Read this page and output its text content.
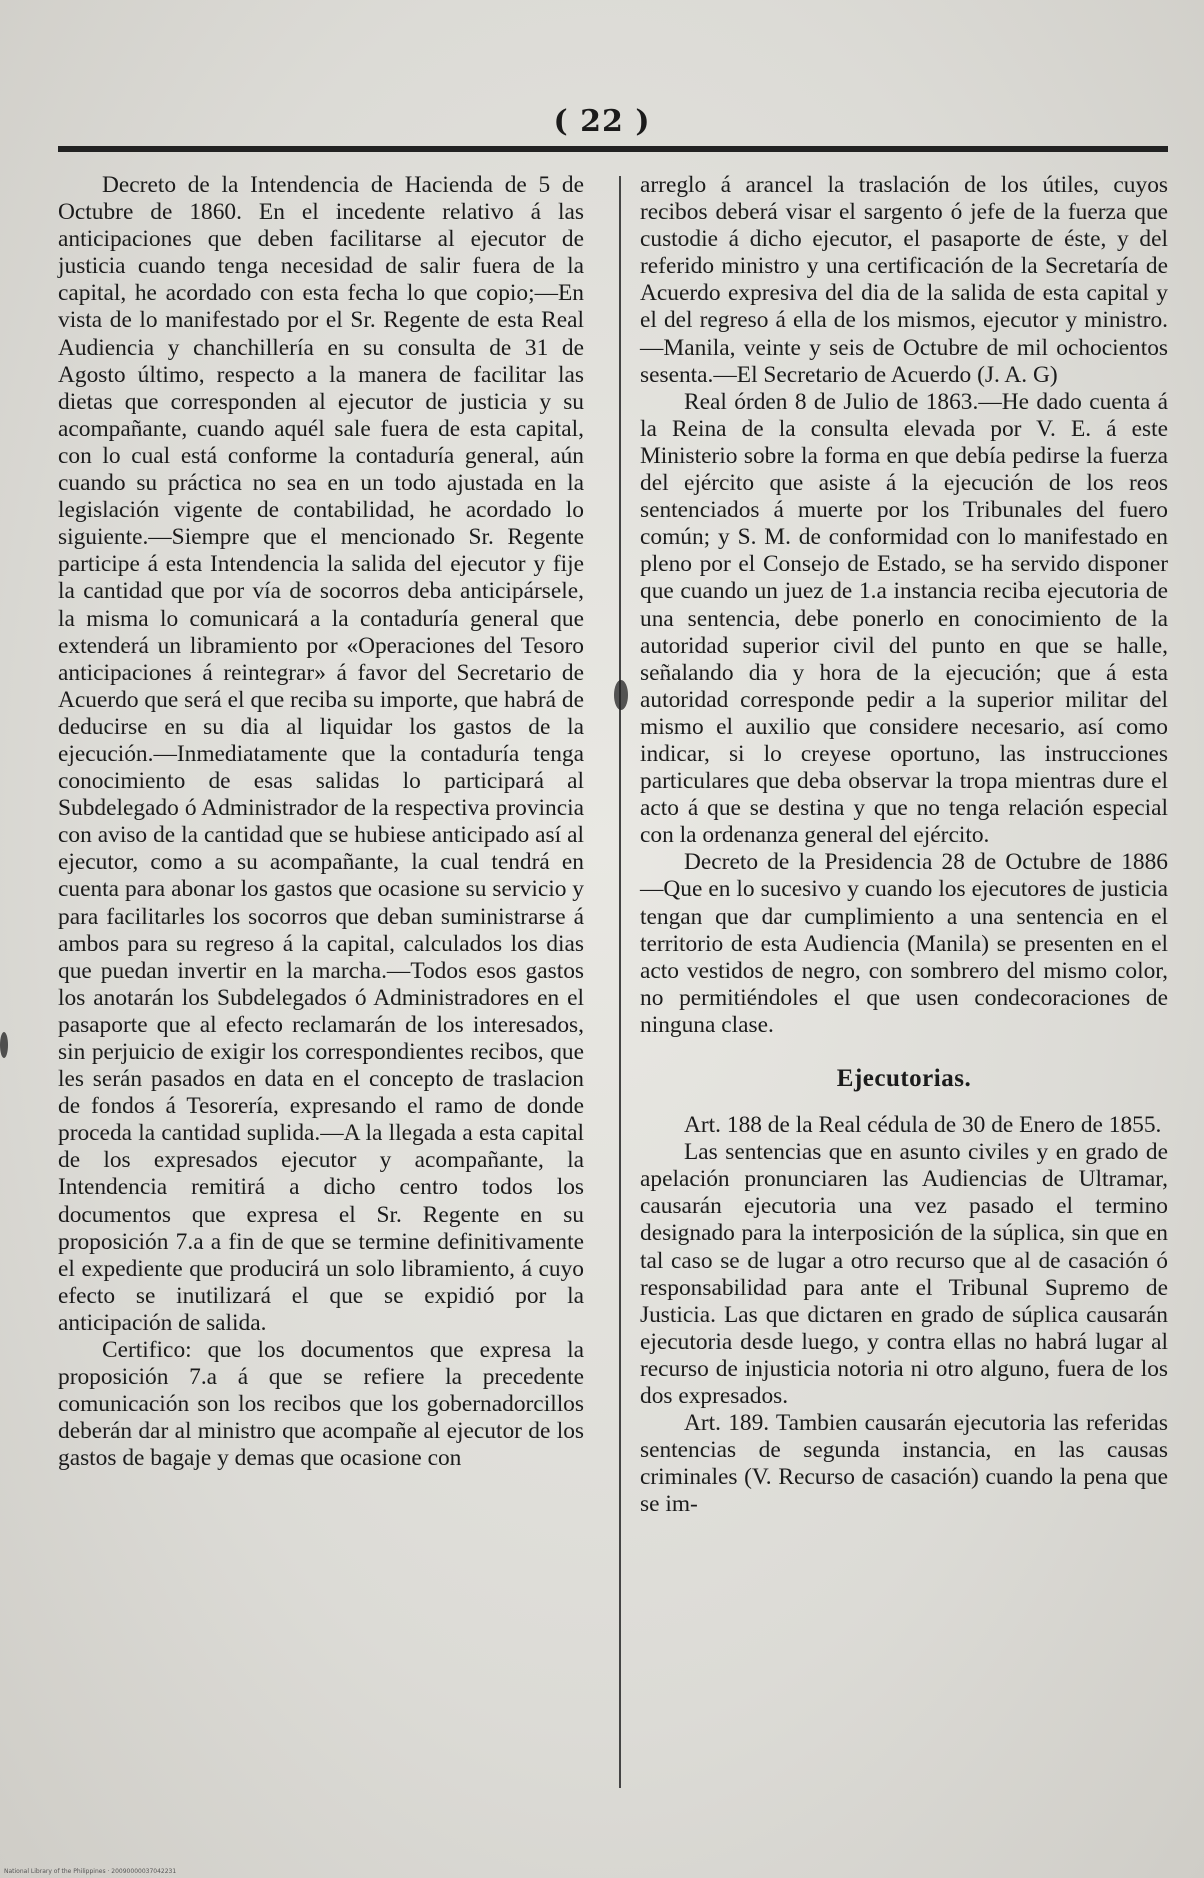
( 22 )

Decreto de la Intendencia de Hacienda de 5 de Octubre de 1860. En el incedente relativo á las anticipaciones que deben facilitarse al ejecutor de justicia cuando tenga necesidad de salir fuera de la capital, he acordado con esta fecha lo que copio;—En vista de lo manifestado por el Sr. Regente de esta Real Audiencia y chanchillería en su consulta de 31 de Agosto último, respecto a la manera de facilitar las dietas que corresponden al ejecutor de justicia y su acompañante, cuando aquél sale fuera de esta capital, con lo cual está conforme la contaduría general, aún cuando su práctica no sea en un todo ajustada en la legislación vigente de contabilidad, he acordado lo siguiente.—Siempre que el mencionado Sr. Regente participe á esta Intendencia la salida del ejecutor y fije la cantidad que por vía de socorros deba anticipársele, la misma lo comunicará a la contaduría general que extenderá un libramiento por «Operaciones del Tesoro anticipaciones á reintegrar» á favor del Secretario de Acuerdo que será el que reciba su importe, que habrá de deducirse en su dia al liquidar los gastos de la ejecución.—Inmediatamente que la contaduría tenga conocimiento de esas salidas lo participará al Subdelegado ó Administrador de la respectiva provincia con aviso de la cantidad que se hubiese anticipado así al ejecutor, como a su acompañante, la cual tendrá en cuenta para abonar los gastos que ocasione su servicio y para facilitarles los socorros que deban suministrarse á ambos para su regreso á la capital, calculados los dias que puedan invertir en la marcha.—Todos esos gastos los anotarán los Subdelegados ó Administradores en el pasaporte que al efecto reclamarán de los interesados, sin perjuicio de exigir los correspondientes recibos, que les serán pasados en data en el concepto de traslacion de fondos á Tesorería, expresando el ramo de donde proceda la cantidad suplida.—A la llegada a esta capital de los expresados ejecutor y acompañante, la Intendencia remitirá a dicho centro todos los documentos que expresa el Sr. Regente en su proposición 7.a a fin de que se termine definitivamente el expediente que producirá un solo libramiento, á cuyo efecto se inutilizará el que se expidió por la anticipación de salida.

Certifico: que los documentos que expresa la proposición 7.a á que se refiere la precedente comunicación son los recibos que los gobernadorcillos deberán dar al ministro que acompañe al ejecutor de los gastos de bagaje y demas que ocasione con

arreglo á arancel la traslación de los útiles, cuyos recibos deberá visar el sargento ó jefe de la fuerza que custodie á dicho ejecutor, el pasaporte de éste, y del referido ministro y una certificación de la Secretaría de Acuerdo expresiva del dia de la salida de esta capital y el del regreso á ella de los mismos, ejecutor y ministro.—Manila, veinte y seis de Octubre de mil ochocientos sesenta.—El Secretario de Acuerdo (J. A. G)

Real órden 8 de Julio de 1863.—He dado cuenta á la Reina de la consulta elevada por V. E. á este Ministerio sobre la forma en que debía pedirse la fuerza del ejército que asiste á la ejecución de los reos sentenciados á muerte por los Tribunales del fuero común; y S. M. de conformidad con lo manifestado en pleno por el Consejo de Estado, se ha servido disponer que cuando un juez de 1.a instancia reciba ejecutoria de una sentencia, debe ponerlo en conocimiento de la autoridad superior civil del punto en que se halle, señalando dia y hora de la ejecución; que á esta autoridad corresponde pedir a la superior militar del mismo el auxilio que considere necesario, así como indicar, si lo creyese oportuno, las instrucciones particulares que deba observar la tropa mientras dure el acto á que se destina y que no tenga relación especial con la ordenanza general del ejército.

Decreto de la Presidencia 28 de Octubre de 1886 —Que en lo sucesivo y cuando los ejecutores de justicia tengan que dar cumplimiento a una sentencia en el territorio de esta Audiencia (Manila) se presenten en el acto vestidos de negro, con sombrero del mismo color, no permitiéndoles el que usen condecoraciones de ninguna clase.

Ejecutorias.

Art. 188 de la Real cédula de 30 de Enero de 1855.

Las sentencias que en asunto civiles y en grado de apelación pronunciaren las Audiencias de Ultramar, causarán ejecutoria una vez pasado el termino designado para la interposición de la súplica, sin que en tal caso se de lugar a otro recurso que al de casación ó responsabilidad para ante el Tribunal Supremo de Justicia. Las que dictaren en grado de súplica causarán ejecutoria desde luego, y contra ellas no habrá lugar al recurso de injusticia notoria ni otro alguno, fuera de los dos expresados.

Art. 189. Tambien causarán ejecutoria las referidas sentencias de segunda instancia, en las causas criminales (V. Recurso de casación) cuando la pena que se im-

National Library of the Philippines · 20090000037042231
